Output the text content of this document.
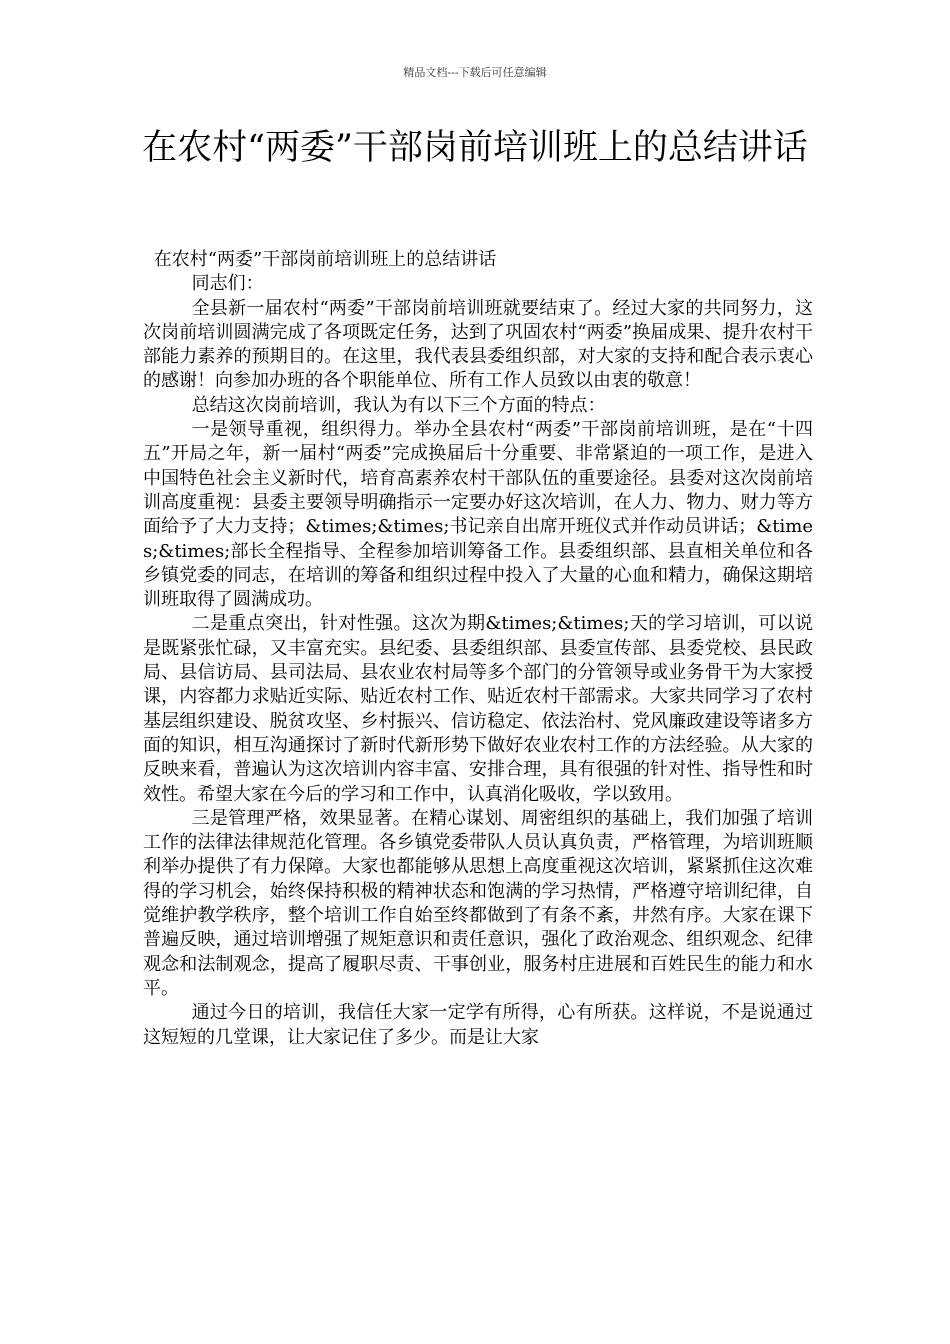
精品文档---下载后可任意编辑
在农村“两委”干部岗前培训班上的总结讲话

在农村“两委”干部岗前培训班上的总结讲话

同志们：

全县新一届农村“两委”干部岗前培训班就要结束了。经过大家的共同努力，这次岗前培训圆满完成了各项既定任务，达到了巩固农村“两委”换届成果、提升农村干部能力素养的预期目的。在这里，我代表县委组织部，对大家的支持和配合表示衷心的感谢！向参加办班的各个职能单位、所有工作人员致以由衷的敬意！

总结这次岗前培训，我认为有以下三个方面的特点：

一是领导重视，组织得力。举办全县农村“两委”干部岗前培训班，是在“十四五”开局之年，新一届村“两委”完成换届后十分重要、非常紧迫的一项工作，是进入中国特色社会主义新时代，培育高素养农村干部队伍的重要途径。县委对这次岗前培训高度重视：县委主要领导明确指示一定要办好这次培训，在人力、物力、财力等方面给予了大力支持；&times;&times;书记亲自出席开班仪式并作动员讲话；&times;&times;部长全程指导、全程参加培训筹备工作。县委组织部、县直相关单位和各乡镇党委的同志，在培训的筹备和组织过程中投入了大量的心血和精力，确保这期培训班取得了圆满成功。

二是重点突出，针对性强。这次为期&times;&times;天的学习培训，可以说是既紧张忙碌，又丰富充实。县纪委、县委组织部、县委宣传部、县委党校、县民政局、县信访局、县司法局、县农业农村局等多个部门的分管领导或业务骨干为大家授课，内容都力求贴近实际、贴近农村工作、贴近农村干部需求。大家共同学习了农村基层组织建设、脱贫攻坚、乡村振兴、信访稳定、依法治村、党风廉政建设等诸多方面的知识，相互沟通探讨了新时代新形势下做好农业农村工作的方法经验。从大家的反映来看，普遍认为这次培训内容丰富、安排合理，具有很强的针对性、指导性和时效性。希望大家在今后的学习和工作中，认真消化吸收，学以致用。

三是管理严格，效果显著。在精心谋划、周密组织的基础上，我们加强了培训工作的法律法律规范化管理。各乡镇党委带队人员认真负责，严格管理，为培训班顺利举办提供了有力保障。大家也都能够从思想上高度重视这次培训，紧紧抓住这次难得的学习机会，始终保持积极的精神状态和饱满的学习热情，严格遵守培训纪律，自觉维护教学秩序，整个培训工作自始至终都做到了有条不紊，井然有序。大家在课下普遍反映，通过培训增强了规矩意识和责任意识，强化了政治观念、组织观念、纪律观念和法制观念，提高了履职尽责、干事创业，服务村庄进展和百姓民生的能力和水平。

通过今日的培训，我信任大家一定学有所得，心有所获。这样说，不是说通过这短短的几堂课，让大家记住了多少。而是让大家
